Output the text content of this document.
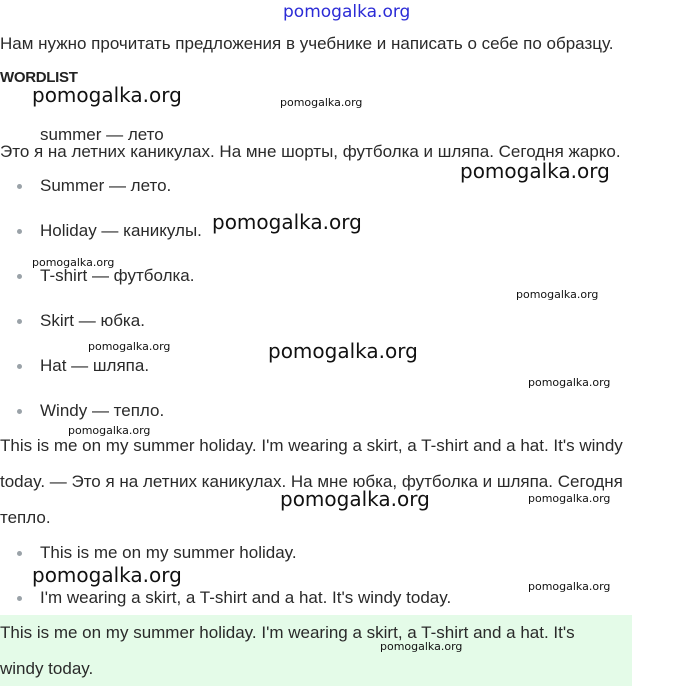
pomogalka.org
Нам нужно прочитать предложения в учебнике и написать о себе по образцу.
WORDLIST
summer — лето
Это я на летних каникулах. На мне шорты, футболка и шляпа. Сегодня жарко.
Summer — лето.
Holiday — каникулы.
T-shirt — футболка.
Skirt — юбка.
Hat — шляпа.
Windy — тепло.
This is me on my summer holiday. I'm wearing a skirt, a T-shirt and a hat. It's windy
today. — Это я на летних каникулах. На мне юбка, футболка и шляпа. Сегодня
тепло.
This is me on my summer holiday.
I'm wearing a skirt, a T-shirt and a hat. It's windy today.
This is me on my summer holiday. I'm wearing a skirt, a T-shirt and a hat. It's
windy today.
pomogalka.org	pomogalka.org
pomogalka.org
pomogalka.org
pomogalka.org
pomogalka.org
pomogalka.org	pomogalka.org
pomogalka.org
pomogalka.org
pomogalka.org	pomogalka.org
pomogalka.org	pomogalka.org
pomogalka.org
